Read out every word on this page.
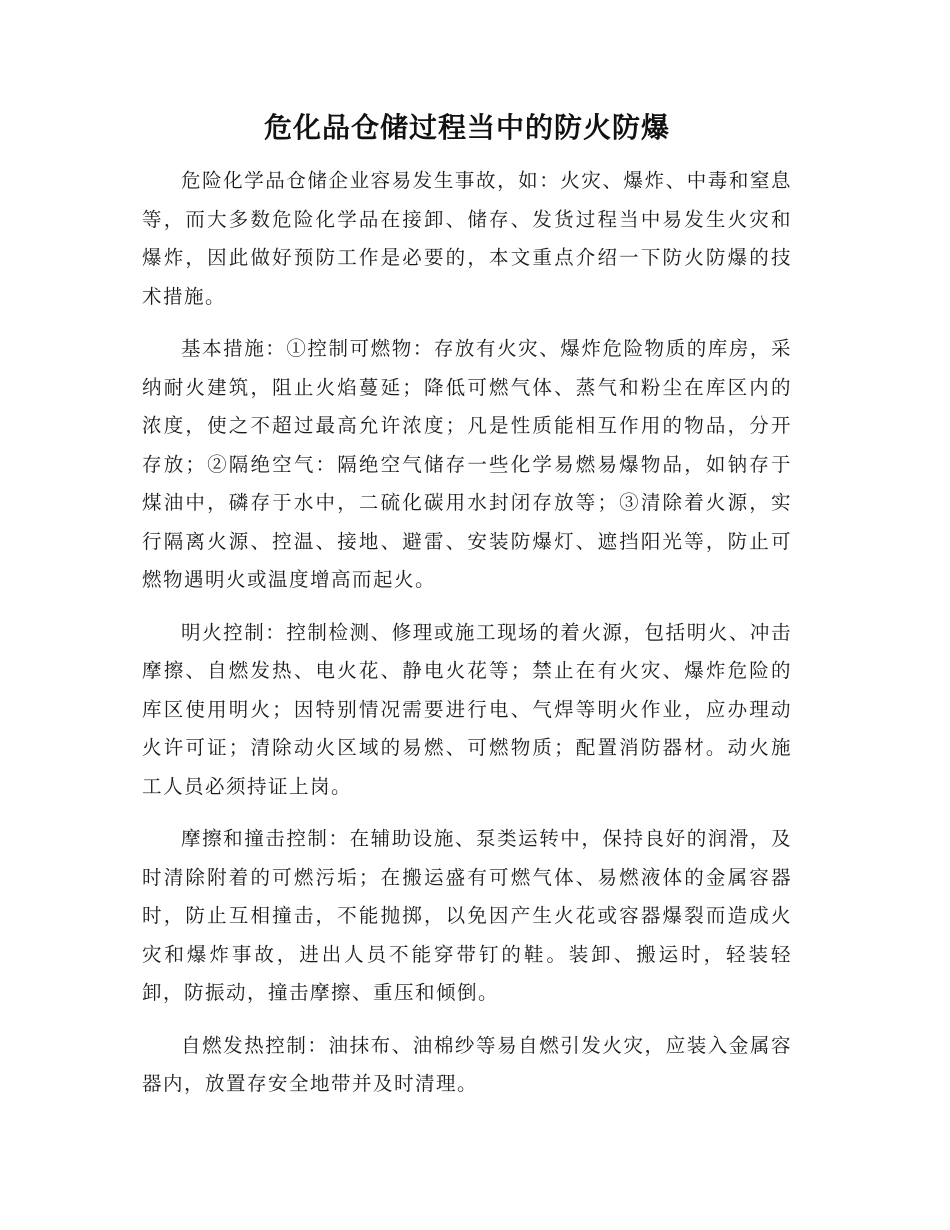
危化品仓储过程当中的防火防爆

危险化学品仓储企业容易发生事故，如：火灾、爆炸、中毒和窒息等，而大多数危险化学品在接卸、储存、发货过程当中易发生火灾和爆炸，因此做好预防工作是必要的，本文重点介绍一下防火防爆的技术措施。

基本措施：①控制可燃物：存放有火灾、爆炸危险物质的库房，采纳耐火建筑，阻止火焰蔓延；降低可燃气体、蒸气和粉尘在库区内的浓度，使之不超过最高允许浓度；凡是性质能相互作用的物品，分开存放；②隔绝空气：隔绝空气储存一些化学易燃易爆物品，如钠存于煤油中，磷存于水中，二硫化碳用水封闭存放等；③清除着火源，实行隔离火源、控温、接地、避雷、安装防爆灯、遮挡阳光等，防止可燃物遇明火或温度增高而起火。

明火控制：控制检测、修理或施工现场的着火源，包括明火、冲击摩擦、自燃发热、电火花、静电火花等；禁止在有火灾、爆炸危险的库区使用明火；因特别情况需要进行电、气焊等明火作业，应办理动火许可证；清除动火区域的易燃、可燃物质；配置消防器材。动火施工人员必须持证上岗。

摩擦和撞击控制：在辅助设施、泵类运转中，保持良好的润滑，及时清除附着的可燃污垢；在搬运盛有可燃气体、易燃液体的金属容器时，防止互相撞击，不能抛掷，以免因产生火花或容器爆裂而造成火灾和爆炸事故，进出人员不能穿带钉的鞋。装卸、搬运时，轻装轻卸，防振动，撞击摩擦、重压和倾倒。

自燃发热控制：油抹布、油棉纱等易自燃引发火灾，应装入金属容器内，放置存安全地带并及时清理。
